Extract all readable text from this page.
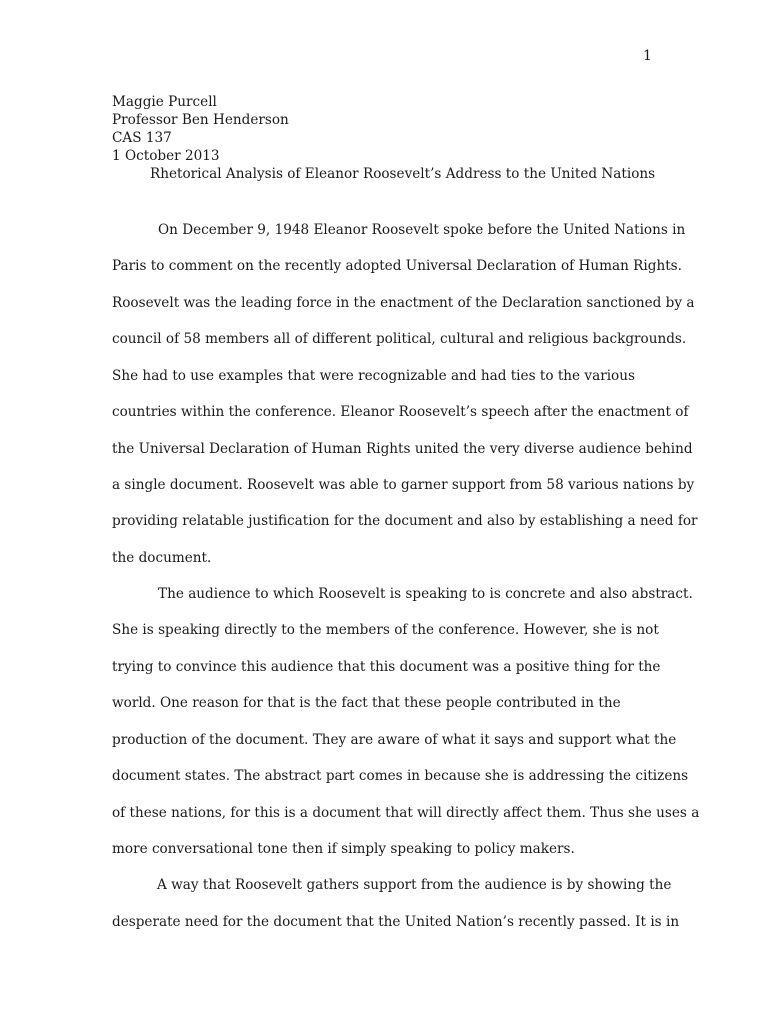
1
Maggie Purcell
Professor Ben Henderson
CAS 137
1 October 2013
Rhetorical Analysis of Eleanor Roosevelt’s Address to the United Nations
On December 9, 1948 Eleanor Roosevelt spoke before the United Nations in
Paris to comment on the recently adopted Universal Declaration of Human Rights.
Roosevelt was the leading force in the enactment of the Declaration sanctioned by a
council of 58 members all of different political, cultural and religious backgrounds.
She had to use examples that were recognizable and had ties to the various
countries within the conference. Eleanor Roosevelt’s speech after the enactment of
the Universal Declaration of Human Rights united the very diverse audience behind
a single document. Roosevelt was able to garner support from 58 various nations by
providing relatable justification for the document and also by establishing a need for
the document.
The audience to which Roosevelt is speaking to is concrete and also abstract.
She is speaking directly to the members of the conference. However, she is not
trying to convince this audience that this document was a positive thing for the
world. One reason for that is the fact that these people contributed in the
production of the document. They are aware of what it says and support what the
document states. The abstract part comes in because she is addressing the citizens
of these nations, for this is a document that will directly affect them. Thus she uses a
more conversational tone then if simply speaking to policy makers.
A way that Roosevelt gathers support from the audience is by showing the
desperate need for the document that the United Nation’s recently passed. It is in
